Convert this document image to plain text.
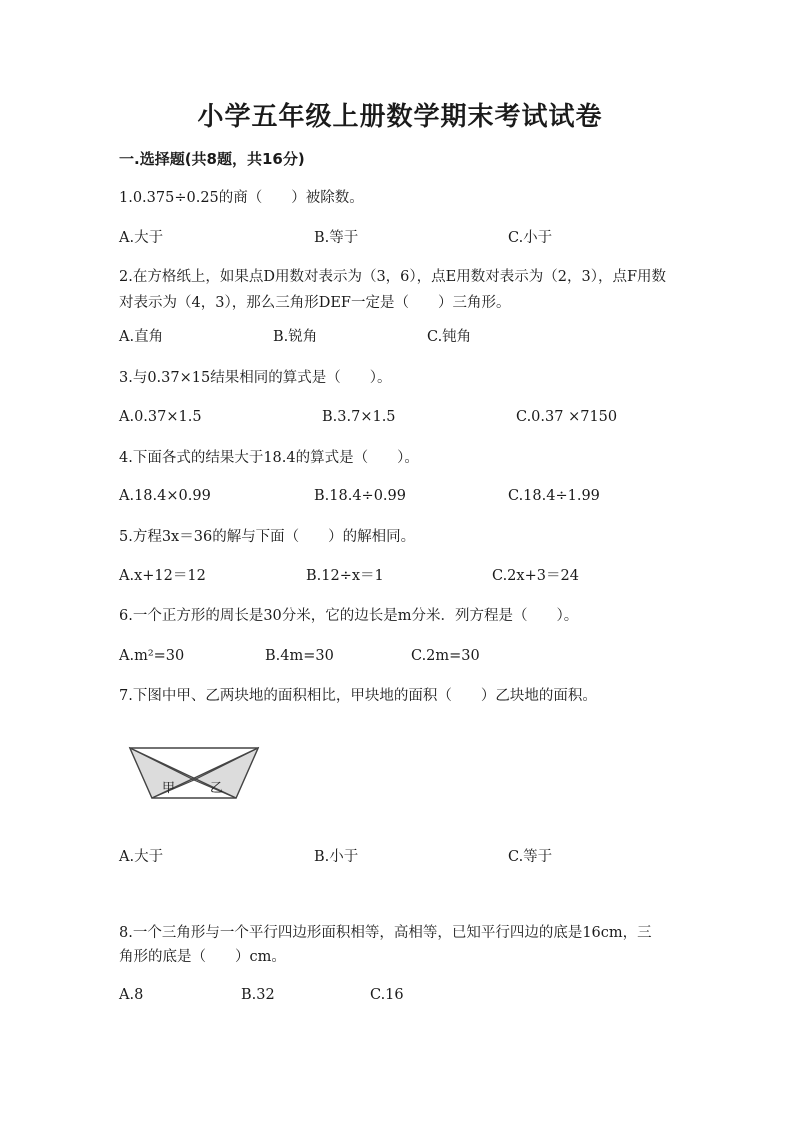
小学五年级上册数学期末考试试卷
一.选择题(共8题，共16分)
1.0.375÷0.25的商（　　）被除数。
A.大于	B.等于	C.小于
2.在方格纸上，如果点D用数对表示为（3，6），点E用数对表示为（2，3），点F用数对表示为（4，3），那么三角形DEF一定是（　　）三角形。
A.直角	B.锐角	C.钝角
3.与0.37×15结果相同的算式是（　　）。
A.0.37×1.5	B.3.7×1.5	C.0.37 ×7150
4.下面各式的结果大于18.4的算式是（　　）。
A.18.4×0.99	B.18.4÷0.99	C.18.4÷1.99
5.方程3x＝36的解与下面（　　）的解相同。
A.x+12＝12	B.12÷x＝1	C.2x+3＝24
6.一个正方形的周长是30分米，它的边长是m分米．列方程是（　　）。
A.m²=30	B.4m=30	C.2m=30
7.下图中甲、乙两块地的面积相比，甲块地的面积（　　）乙块地的面积。
甲	乙
A.大于	B.小于	C.等于
8.一个三角形与一个平行四边形面积相等，高相等，已知平行四边的底是16cm，三角形的底是（　　）cm。
A.8	B.32	C.16
